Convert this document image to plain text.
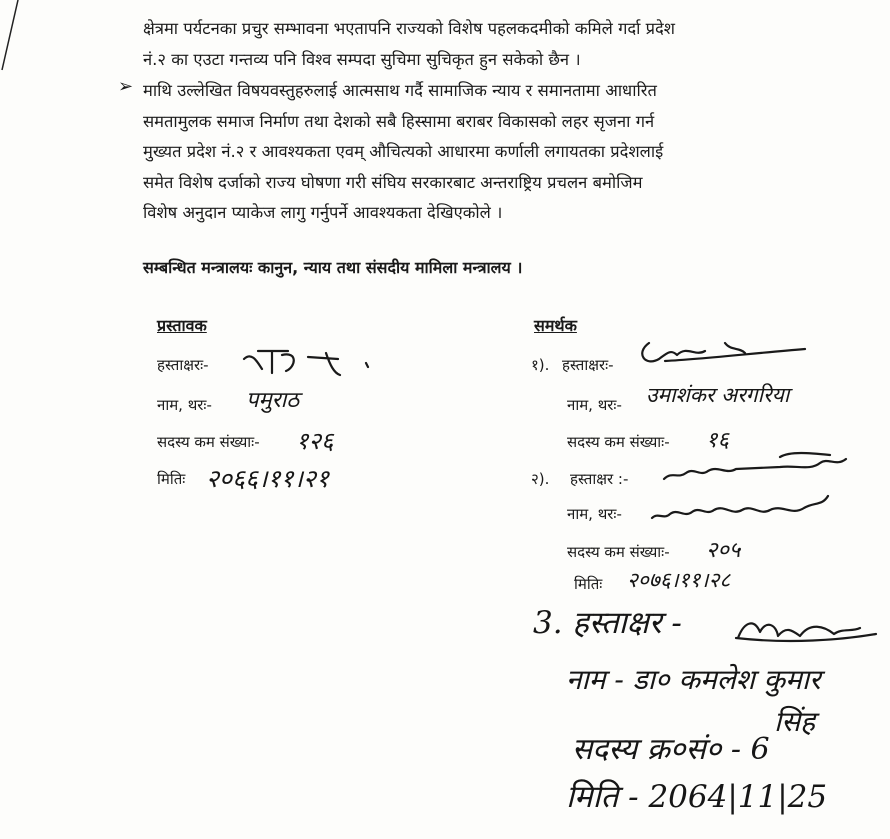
क्षेत्रमा पर्यटनका प्रचुर सम्भावना भएतापनि राज्यको विशेष पहलकदमीको कमिले गर्दा प्रदेश

नं.२ का एउटा गन्तव्य पनि विश्व सम्पदा सुचिमा सुचिकृत हुन सकेको छैन ।

➢ माथि उल्लेखित विषयवस्तुहरुलाई आत्मसाथ गर्दै सामाजिक न्याय र समानतामा आधारित

समतामुलक समाज निर्माण तथा देशको सबै हिस्सामा बराबर विकासको लहर सृजना गर्न

मुख्यत प्रदेश नं.२ र आवश्यकता एवम् औचित्यको आधारमा कर्णाली लगायतका प्रदेशलाई

समेत विशेष दर्जाको राज्य घोषणा गरी संघिय सरकारबाट अन्तराष्ट्रिय प्रचलन बमोजिम

विशेष अनुदान प्याकेज लागु गर्नुपर्ने आवश्यकता देखिएकोले ।

सम्बन्धित मन्त्रालयः कानुन, न्याय तथा संसदीय मामिला मन्त्रालय ।
प्रस्तावक
हस्ताक्षरः-
नाम, थरः- पमुराठ
सदस्य कम संख्याः- १२६
मितिः २०६६।११।२१
समर्थक
१). हस्ताक्षरः-
नाम, थरः- उमाशंकर अरगरिया
सदस्य कम संख्याः- १६
२). हस्ताक्षर :-
नाम, थरः-
सदस्य कम संख्याः- २०५
मितिः २०७६।११।२८
3. हस्ताक्षर -
नाम - डा० कमलेश कुमार
सिंह
सदस्य क्र०सं० - 6
मिति - 2064|11|25
